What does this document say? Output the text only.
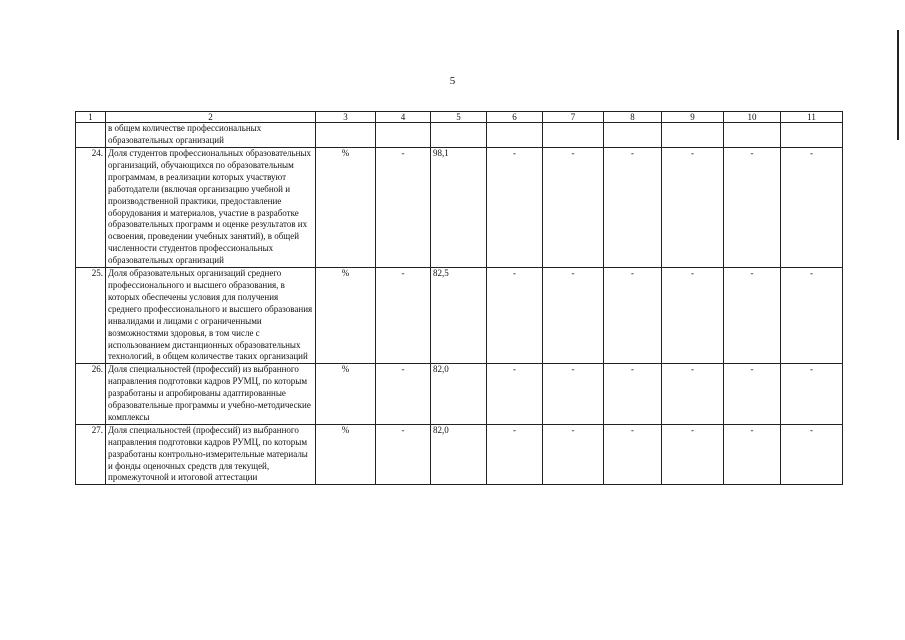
5
1	2	3	4	5	6	7	8	9	10	11
	в общем количестве профессиональных образовательных организаций									
24.	Доля студентов профессиональных образовательных организаций, обучающихся по образовательным программам, в реализации которых участвуют работодатели (включая организацию учебной и производственной практики, предоставление оборудования и материалов, участие в разработке образовательных программ и оценке результатов их освоения, проведении учебных занятий), в общей численности студентов профессиональных образовательных организаций	%	-	98,1	-	-	-	-	-	-
25.	Доля образовательных организаций среднего профессионального и высшего образования, в которых обеспечены условия для получения среднего профессионального и высшего образования инвалидами и лицами с ограниченными возможностями здоровья, в том числе с использованием дистанционных образовательных технологий, в общем количестве таких организаций	%	-	82,5	-	-	-	-	-	-
26.	Доля специальностей (профессий) из выбранного направления подготовки кадров РУМЦ, по которым разработаны и апробированы адаптированные образовательные программы и учебно-методические комплексы	%	-	82,0	-	-	-	-	-	-
27.	Доля специальностей (профессий) из выбранного направления подготовки кадров РУМЦ, по которым разработаны контрольно-измерительные материалы и фонды оценочных средств для текущей, промежуточной и итоговой аттестации	%	-	82,0	-	-	-	-	-	-
